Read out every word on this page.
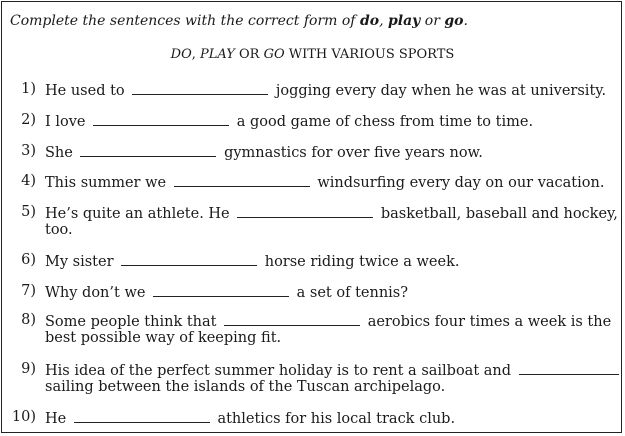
Complete the sentences with the correct form of do, play or go.
DO, PLAY OR GO WITH VARIOUS SPORTS
1) He used to	jogging every day when he was at university.
2) I love	a good game of chess from time to time.
3) She	gymnastics for over five years now.
4) This summer we	windsurfing every day on our vacation.
5) He’s quite an athlete. He	basketball, baseball and hockey,
too.
6) My sister	horse riding twice a week.
7) Why don’t we	a set of tennis?
8) Some people think that	aerobics four times a week is the
best possible way of keeping fit.
9) His idea of the perfect summer holiday is to rent a sailboat and
sailing between the islands of the Tuscan archipelago.
10) He	athletics for his local track club.
